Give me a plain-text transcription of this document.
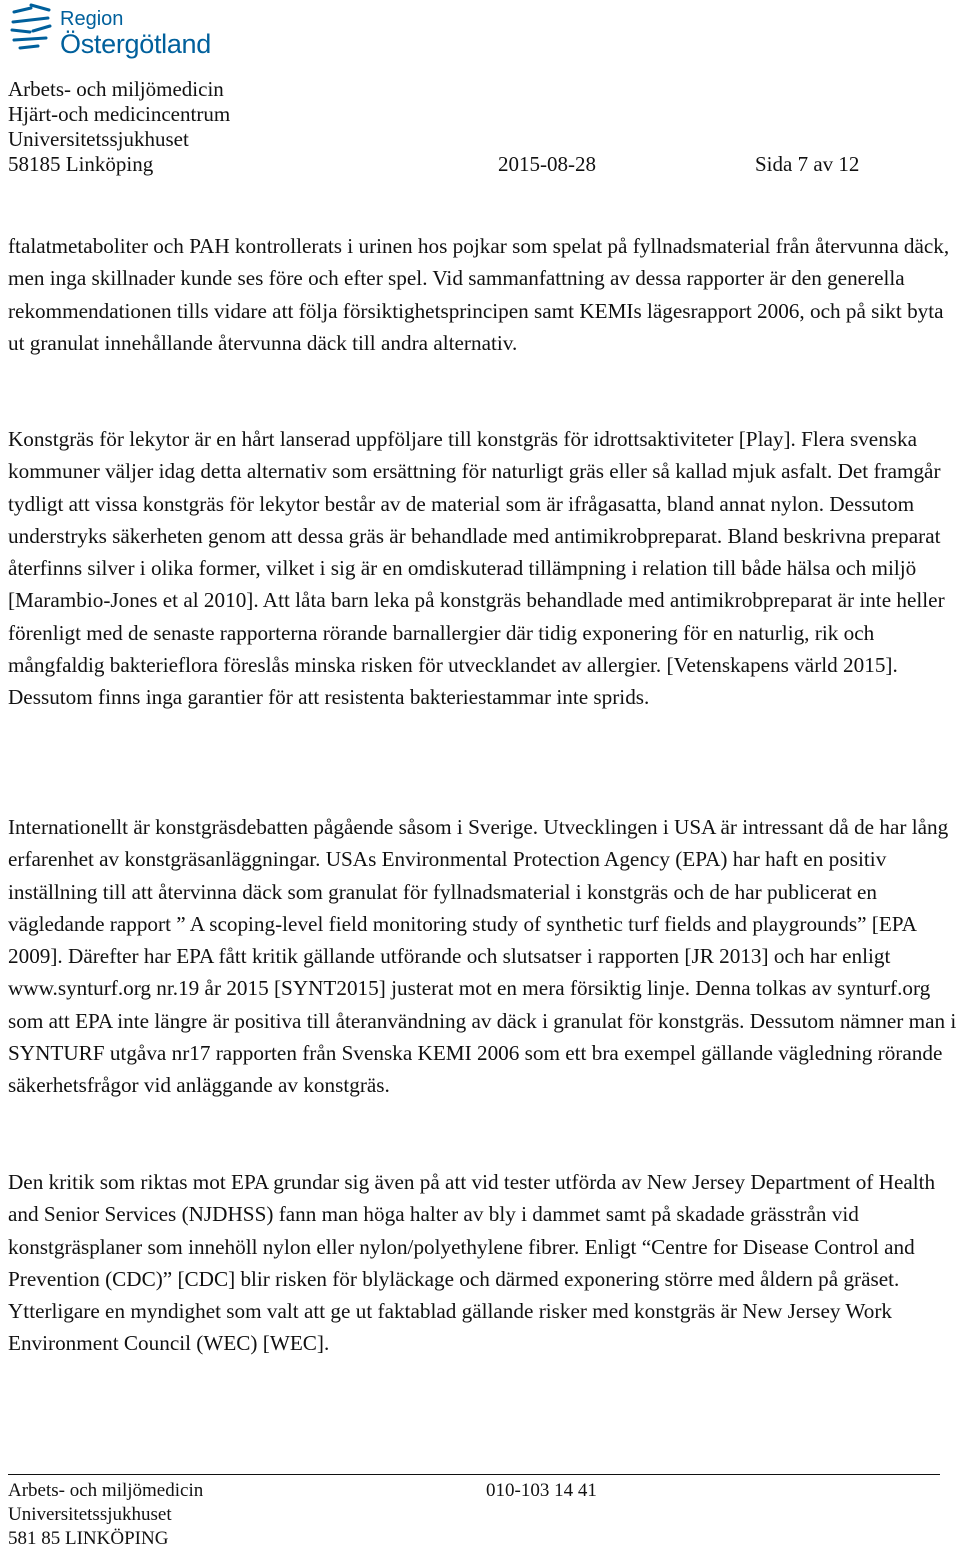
Region
Östergötland
Arbets- och miljömedicin
Hjärt-och medicincentrum
Universitetssjukhuset
58185 Linköping	2015-08-28	Sida 7 av 12

ftalatmetaboliter och PAH kontrollerats i urinen hos pojkar som spelat på fyllnadsmaterial från återvunna däck, men inga skillnader kunde ses före och efter spel. Vid sammanfattning av dessa rapporter är den generella rekommendationen tills vidare att följa försiktighetsprincipen samt KEMIs lägesrapport 2006, och på sikt byta ut granulat innehållande återvunna däck till andra alternativ.

Konstgräs för lekytor är en hårt lanserad uppföljare till konstgräs för idrottsaktiviteter [Play]. Flera svenska kommuner väljer idag detta alternativ som ersättning för naturligt gräs eller så kallad mjuk asfalt. Det framgår tydligt att vissa konstgräs för lekytor består av de material som är ifrågasatta, bland annat nylon. Dessutom understryks säkerheten genom att dessa gräs är behandlade med antimikrobpreparat. Bland beskrivna preparat återfinns silver i olika former, vilket i sig är en omdiskuterad tillämpning i relation till både hälsa och miljö [Marambio-Jones et al 2010]. Att låta barn leka på konstgräs behandlade med antimikrobpreparat är inte heller förenligt med de senaste rapporterna rörande barnallergier där tidig exponering för en naturlig, rik och mångfaldig bakterieflora föreslås minska risken för utvecklandet av allergier. [Vetenskapens värld 2015]. Dessutom finns inga garantier för att resistenta bakteriestammar inte sprids.

Internationellt är konstgräsdebatten pågående såsom i Sverige. Utvecklingen i USA är intressant då de har lång erfarenhet av konstgräsanläggningar. USAs Environmental Protection Agency (EPA) har haft en positiv inställning till att återvinna däck som granulat för fyllnadsmaterial i konstgräs och de har publicerat en vägledande rapport ” A scoping-level field monitoring study of synthetic turf fields and playgrounds” [EPA 2009]. Därefter har EPA fått kritik gällande utförande och slutsatser i rapporten [JR 2013] och har enligt www.synturf.org nr.19 år 2015 [SYNT2015] justerat mot en mera försiktig linje. Denna tolkas av synturf.org som att EPA inte längre är positiva till återanvändning av däck i granulat för konstgräs. Dessutom nämner man i SYNTURF utgåva nr17 rapporten från Svenska KEMI 2006 som ett bra exempel gällande vägledning rörande säkerhetsfrågor vid anläggande av konstgräs.

Den kritik som riktas mot EPA grundar sig även på att vid tester utförda av New Jersey Department of Health and Senior Services (NJDHSS) fann man höga halter av bly i dammet samt på skadade grässtrån vid konstgräsplaner som innehöll nylon eller nylon/polyethylene fibrer. Enligt “Centre for Disease Control and Prevention (CDC)” [CDC] blir risken för blyläckage och därmed exponering större med åldern på gräset. Ytterligare en myndighet som valt att ge ut faktablad gällande risker med konstgräs är New Jersey Work Environment Council (WEC) [WEC].

Arbets- och miljömedicin	010-103 14 41
Universitetssjukhuset
581 85 LINKÖPING
